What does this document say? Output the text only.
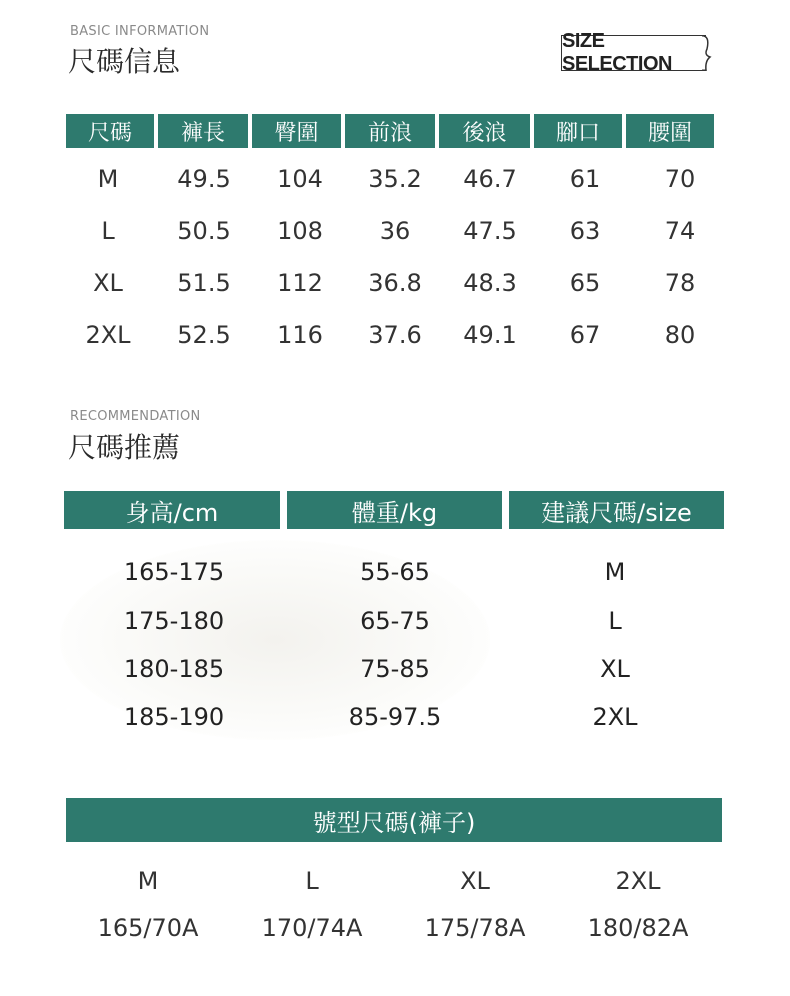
BASIC INFORMATION
尺碼信息
SIZE SELECTION
尺碼	褲長	臀圍	前浪	後浪	腳口	腰圍
M	49.5	104	35.2	46.7	61	70
L	50.5	108	36	47.5	63	74
XL	51.5	112	36.8	48.3	65	78
2XL	52.5	116	37.6	49.1	67	80
RECOMMENDATION
尺碼推薦
身高/cm	體重/kg	建議尺碼/size
165-175	55-65	M
175-180	65-75	L
180-185	75-85	XL
185-190	85-97.5	2XL
號型尺碼(褲子)
M	L	XL	2XL
165/70A	170/74A	175/78A	180/82A
